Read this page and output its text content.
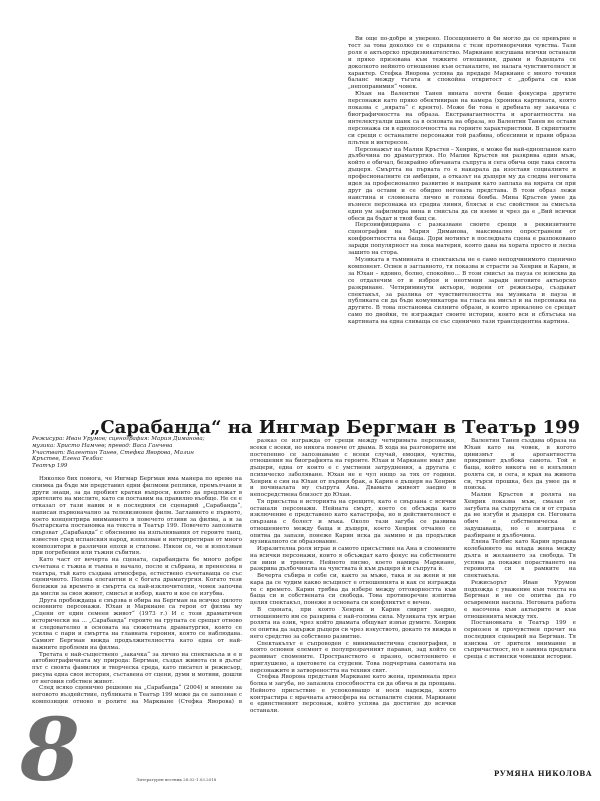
Ви още по-добре и уверено. Посещението ѝ би могло да се превърне в тест за това доколко се е справила с тези противоречиви чувства. Тази роля е актьорско предизвикателство. Маркиане изсушава всички останали и пряко призовава към тежките отношения, драми и бъдещата се доколкото нейното отношение към останалите, не налага чувствителност и характер. Стефка Яворова успява да предаде Маркиане с много точния баланс между тъгата и спокойна откритост с „добрата си към „непоправимия“ човек.

Юхан на Валентин Танев вината почти беше фокусира другите персонажи като пряко обективиран на камера (хроника картината, която показва с „вярата“ с кренто). Може би това е дребната му закачка с биографичността на образа. Екстравагантността и арогантността на интелектуалци шанк са в основата на образа, но Валентин Танев не оставя персонажа си в еднопосочността на горните характеристики. В скриптните си срещи с останалите персонажи той разбива, обсесивни и прави образа плътен и интересен.

Персонажът на Малин Кръстев – Хенрик, е може би най-еднопланов като дълбочина по драматургия. Но Малин Кръстев ни разкрива един мъж, който е обичал, безкрайно обичаната съпруга и сега обича още така своята дъщеря. Смъртта на първата го е накарала да изоставя социалните и професионалните си амбиции, а отказът на дъщеря му да следва неговата идея за професионално развитие я направя като заплаха на вярата си при друг да остави и се обидно неговата представа. В този образ лежи наистина и сломената лично и голяма бомба. Мина Кръстев умее да възнесе персонажа из средна линия, блясък и със свойствен за смисъла един ум зафилмира вина и смисъла да си вземе и чрез да е „Вий всички обеси да бъдат и твой бащ си.

Персонифицирана с разказване своите срещи в реквизитните сценографии на Мария Диманова, максимално опространени от конфронтността на баща. Дори мотивът в последната сцена е разпоковано заради популярност на лека материя, която дава на хората просто и лесна зашито на стора.

Музиката в тъмнината и спектакъла не е само неподчинимото сценично компонент. Освен в заглавното, тя показва и страсти за Хенрик и Карин, и за Юхан – ядовно, болно, спокойно… В този смисъл за пауза се изисква да се отдалечим от и изброя и неотмени заради неговите актьорско разкриване. Четириминути актьори, водени от режисьора, създават спектакъл, за разлика от чувствителността на музиката и пауза и публиката си да бъде комуникатора на гласа на мисъл и на персонажа на другите. В това постановка силните образи, в които прекалено се срещат само по двойки, те изграждат своите истории, които вси и сблъсъка на картината на една сливаща се със сценично тази трансцедентна картина.

„Сарабанда“ на Ингмар Бергман в Театър 199
Режисура: Иван Урумов; сценография: Мария Диманова;
музика: Христо Намчев; превод: Васа Ганчева
Участват: Валентин Танев, Стефка Яворова, Малин
Кръстев, Елена Телбис
Театър 199

Няколко бих помога, че Ингмар Бергман има манера по време на снимка да бъде ми представил едни филмови реплики, премълчани и други знаци, за да пробият кратки въпроси, които да предложат в зрителите на мислите, като си поставим на правилно въобще. Не се е отказал от тази навик и в последния си сценарий „Сарабанда“, написан първоначално за телевизионен филм. Заглавието е първото, което концентрира вниманието в повечето отзиви за филма, а и за българската постановка на текста в Театър 199. Повечето запознати свързват „Сарабанда“ с обяснение на изпълнявания от героите танц, известен сред испанския народ, използван и интерпретиран от много композитори в различни епохи и стилове. Някои се, че и използван при погребения или тъжни събития.

Като част от вечерта на сцената, сарабандата бе много добре съчетана с тъжна и тъмна в начало, после и събрана, и пренесена в театъра, тъй като създава атмосфера, естествено съчетаваща се със сценичното. Ползва елегантни и с богата драматургия. Когато тези бележки за времето и смъртта са най-изключителни, човек започва да мисли за своя живот, смисъл и избор, както и кое се изгубва.

Друга пробождаща е свързва в обира на Бергман на всичко цялото основните персонажи. Юхан и Маркиане са герои от филма му „Сцени от един семеен живот“ (1973 г.) И с този драматичен исторически на ... „Сарабанда“ героите на групата се срещат отново и следователно в основата на сюжетната драматургия, която се усилва с пари и смъртта на главната героиня, която се наблюдава. Самият Бергман вижда продължителността като една от най-важните проблеми на филма.

Третата е най-съществено „закачка“ за лично на спектакъла и е в автобиографичната му природа: Бергман, създал живота си в дълъг път с своята фамилия и творческа среда, като писател и режисьор, рисува една своя история, съставена от сцени, думи и мотиви, дошли от неговия собствен живот.

След всяко сценично решение на „Сарабанда“ (2004) и мнение за неговото въздействие, публиката в Театър 199 може да се запознае с композиции отново в ролите на Маркиане (Стефка Яворова) в

разказ се изгражда от срещи между четиримата персонажи, всеки с всеки, но никога повече от двама. В хода на разговорите им постепенно се запознаваме с всеки случай, емоция, чувства, отношения на биографията на героите. Юхан и Маркиане имат две дъщери, една от които е с умствени затруднения, а другата с психическо заболяване. Юхан не е чул нищо за тях от години. Хенрик е син на Юхан от първия брак, а Карин е дъщеря на Хенрик и починалата му съпруга Ана. Двамата живеят заедно в непосредствена близост до Юхан.

Тя присъства в историята на срещите, като е свързана с всички останали персонажи. Нейната смърт, което се обсъжда като изключение е представено като катастрофа, но в действителност е свързана с болест и мъка. Около тази загуба се развива отношението между баща и дъщеря, което Хенрик отчаяно се опитва да запази, понеже Карин иска да замине и да продължи музикалното си образование.

Изразителна роля играе и самото присъствие на Ана в спомените на всички персонажи, които я обсъждат като фокус на собствените си вини и тревоги. Нейното писмо, което намира Маркиане, разкрива дълбочината на чувствата ѝ към дъщеря ѝ и съпруга ѝ.

Вечерта събира в себе си, както за мъже, така и за жени и ни кара да се чудим какво всъщност е отношенията и как се изгражда те с времето. Карин трябва да избере между отговорността към баща си и собствената си свобода. Това противоречие изпитва целия спектакъл, понеже в основата си конфликтът е вечен.

В сцената, при която Хенрик и Карин свирят заедно, отношението им се разкрива с най-голяма сила. Музиката тук играе ролята на език, чрез който двамата общуват извън думите. Хенрик се опитва да задържи дъщеря си чрез изкуството, докато тя вижда в него средство за собствено развитие.

Спектакълът е съпроводен с минималистична сценография, в която основен елемент е полупрозрачният параван, зад който се развиват спомените. Пространството е празно, осветлението е приглушено, а цветовете са студени. Това подчертава самотата на персонажите и затвореността на техния свят.

Стефка Яворова представя Маркиане като жена, преминала през болка и загуба, но запазила способността си да обича и да прощава. Нейното присъствие е успокояващо и носи надежда, която контрастира с мрачната атмосфера на останалите сцени. Маркиане е единственият персонаж, който успява да достигне до всички останали.

Валентин Танев създава образа на Юхан като на човек, в когото цинизмът и арогантността прикриват дълбока самота. Той е баща, който никога не е изпълнил ролята си, и сега, в края на живота си, търси прошка, без да умее да я поиска.

Малин Кръстев в ролята на Хенрик показва мъж, смазан от загубата на съпругата си и от страха да не изгуби и дъщеря си. Неговата обич е собственическа и задушаваща, но е изиграна с разбиране и дълбочина.

Елена Телбис като Карин предава колебанието на млада жена между дълга и желанието за свобода. Тя успява да покаже порастването на героинята си в рамките на спектакъла.

Режисьорът Иван Урумов подхожда с уважение към текста на Бергман и не се опитва да го осъвремени насила. Неговата работа е насочена към актьорите и към отношенията между тях.

Постановката в Театър 199 е сериозен и прочувствен прочит на последния сценарий на Бергман. Тя изисква от зрителя внимание и съпричастност, но в замяна предлага среща с истински човешки истории.

8	Литературен вестник 28.02-1.03.2018
РУМЯНА НИКОЛОВА
